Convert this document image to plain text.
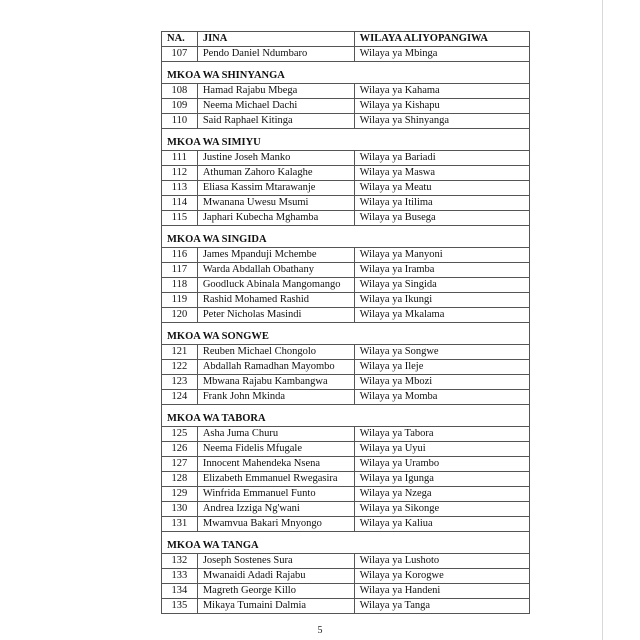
NA.	JINA	WILAYA ALIYOPANGIWA
107	Pendo Daniel Ndumbaro	Wilaya ya Mbinga
MKOA WA SHINYANGA		
108	Hamad Rajabu Mbega	Wilaya ya Kahama
109	Neema Michael Dachi	Wilaya ya Kishapu
110	Said Raphael Kitinga	Wilaya ya Shinyanga
MKOA WA SIMIYU		
111	Justine Joseh Manko	Wilaya ya Bariadi
112	Athuman Zahoro Kalaghe	Wilaya ya Maswa
113	Eliasa Kassim Mtarawanje	Wilaya ya Meatu
114	Mwanana Uwesu Msumi	Wilaya ya Itilima
115	Japhari Kubecha Mghamba	Wilaya ya Busega
MKOA WA SINGIDA		
116	James Mpanduji Mchembe	Wilaya ya Manyoni
117	Warda Abdallah Obathany	Wilaya ya Iramba
118	Goodluck Abinala Mangomango	Wilaya ya Singida
119	Rashid Mohamed Rashid	Wilaya ya Ikungi
120	Peter Nicholas Masindi	Wilaya ya Mkalama
MKOA WA SONGWE		
121	Reuben Michael Chongolo	Wilaya ya Songwe
122	Abdallah Ramadhan Mayombo	Wilaya ya Ileje
123	Mbwana Rajabu Kambangwa	Wilaya ya Mbozi
124	Frank John Mkinda	Wilaya ya Momba
MKOA WA TABORA		
125	Asha Juma Churu	Wilaya ya Tabora
126	Neema Fidelis Mfugale	Wilaya ya Uyui
127	Innocent Mahendeka Nsena	Wilaya ya Urambo
128	Elizabeth Emmanuel Rwegasira	Wilaya ya Igunga
129	Winfrida Emmanuel Funto	Wilaya ya Nzega
130	Andrea Izziga Ng'wani	Wilaya ya Sikonge
131	Mwamvua Bakari Mnyongo	Wilaya ya Kaliua
MKOA WA TANGA		
132	Joseph Sostenes Sura	Wilaya ya Lushoto
133	Mwanaidi Adadi Rajabu	Wilaya ya Korogwe
134	Magreth George Killo	Wilaya ya Handeni
135	Mikaya Tumaini Dalmia	Wilaya ya Tanga
5
